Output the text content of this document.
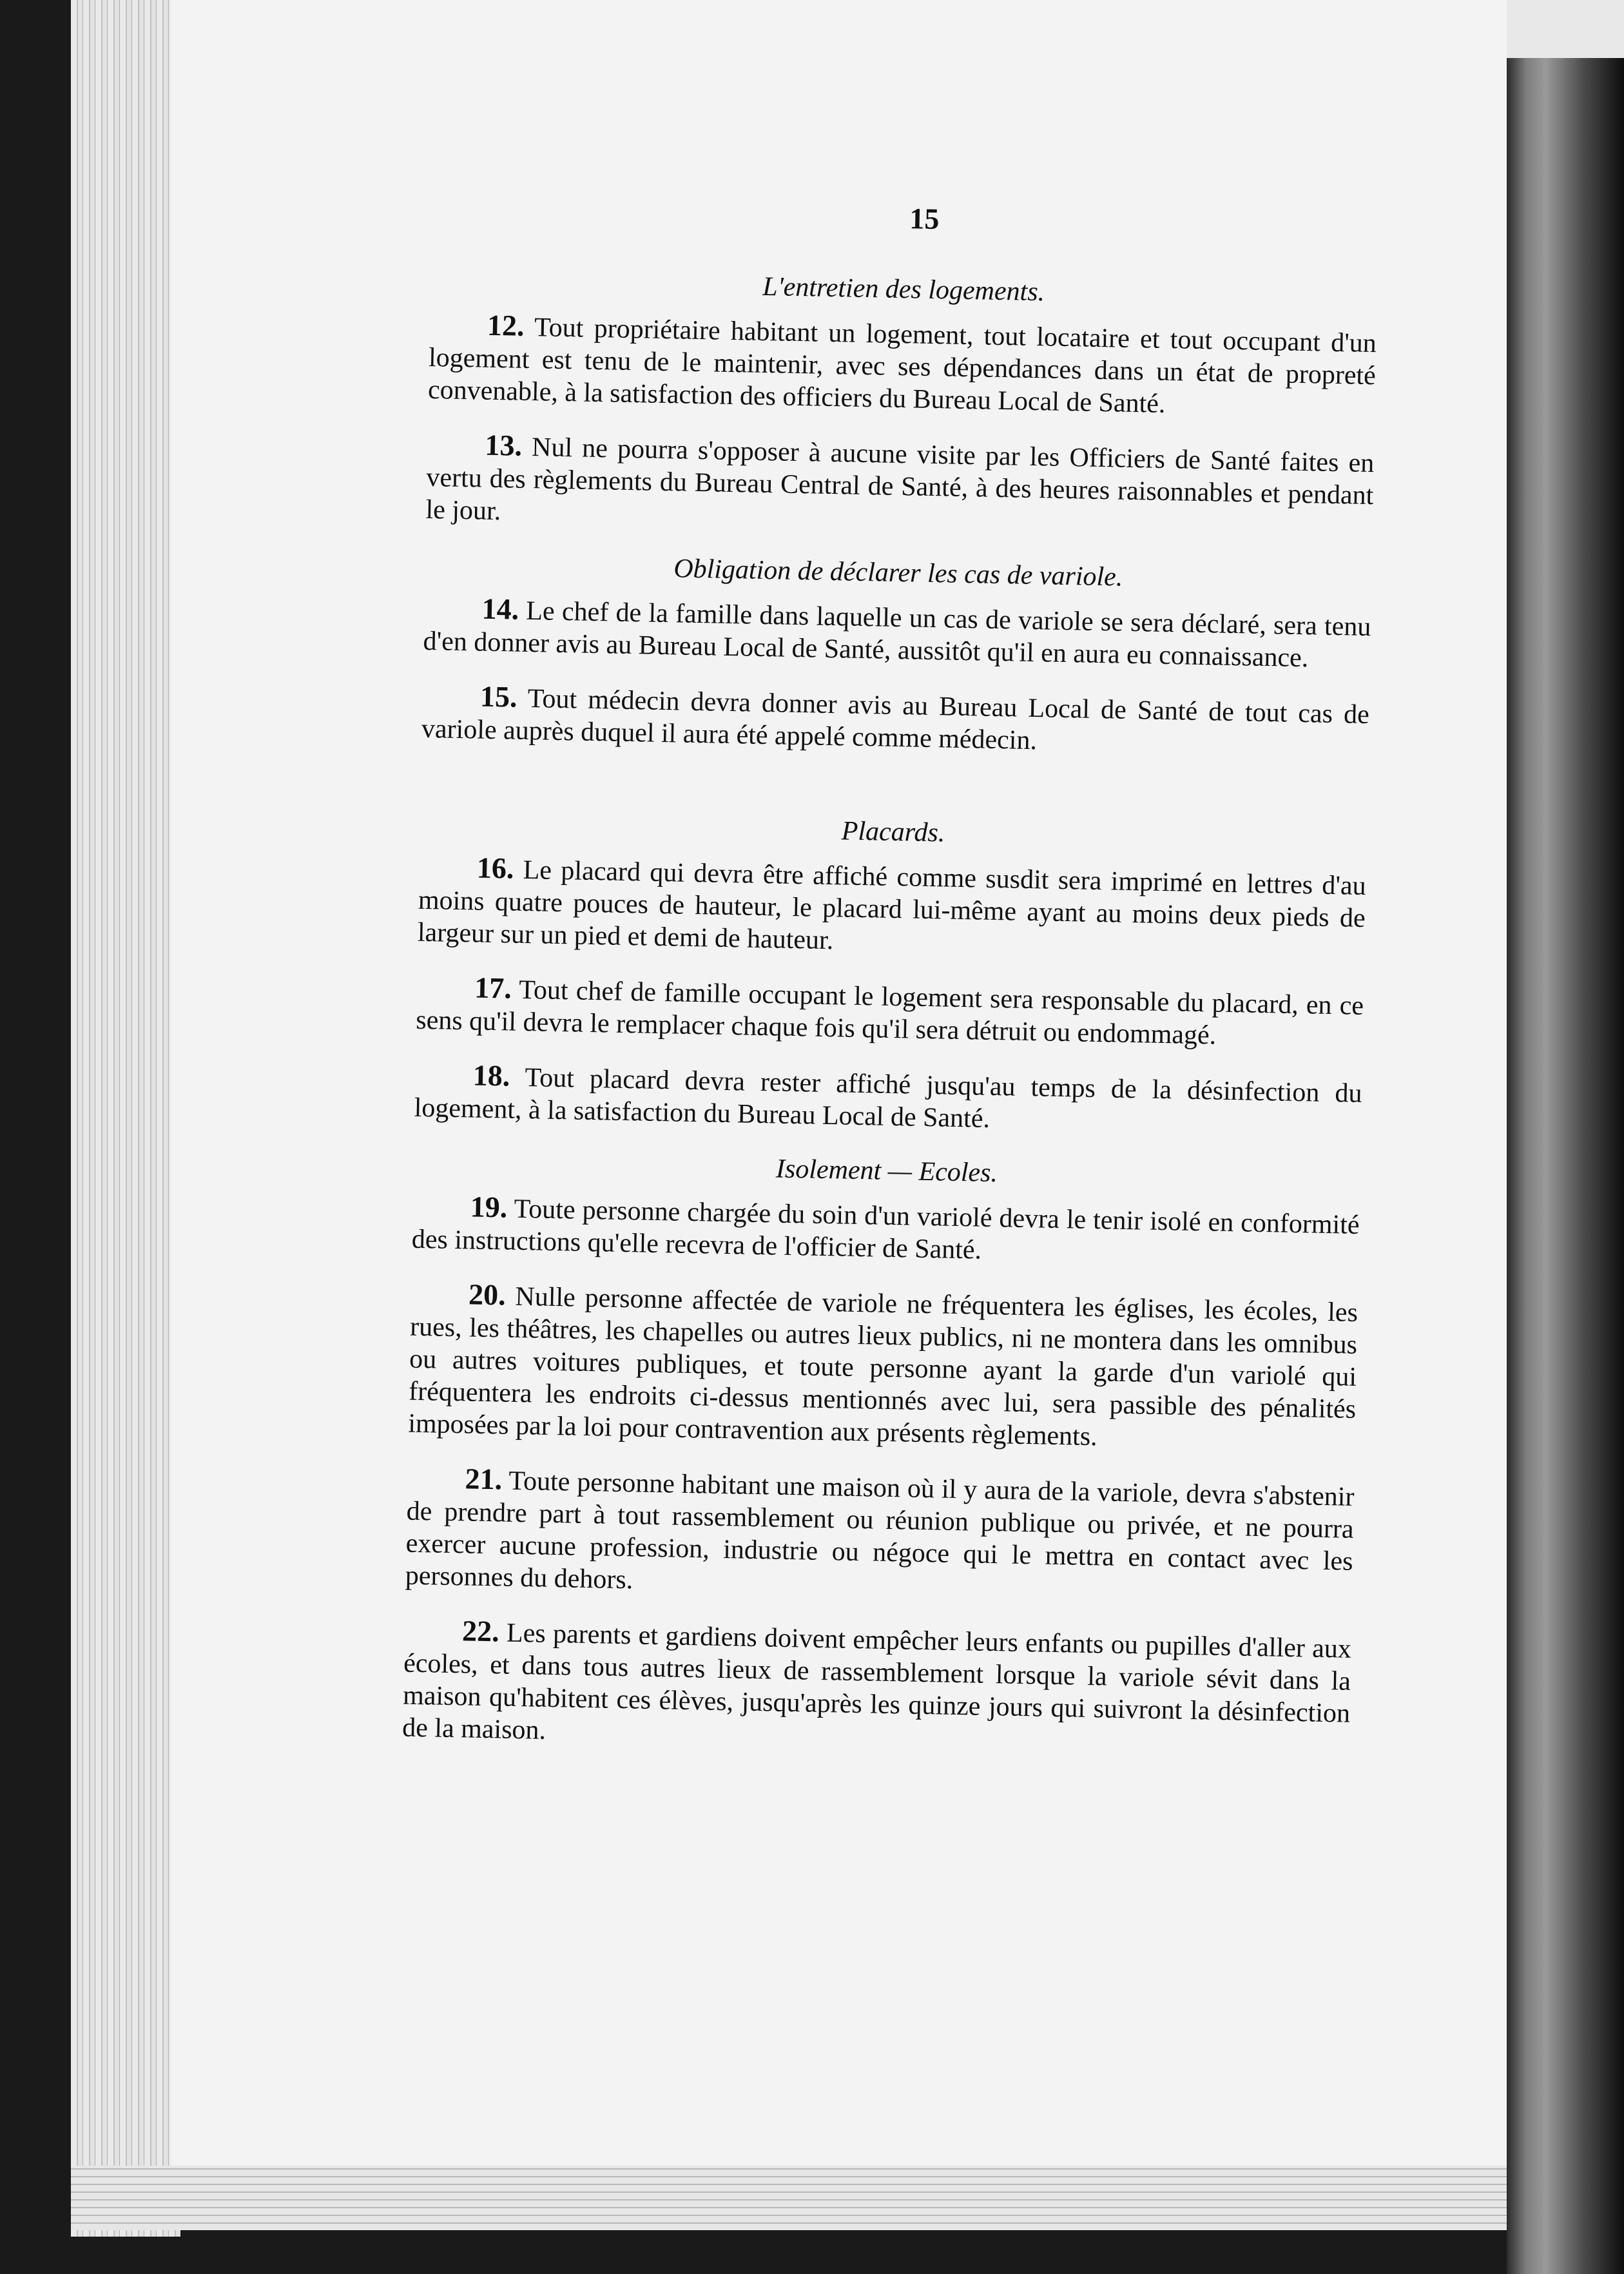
15
L'entretien des logements.

12. Tout propriétaire habitant un logement, tout locataire et tout occupant d'un logement est tenu de le maintenir, avec ses dépendances dans un état de propreté convenable, à la satisfaction des officiers du Bureau Local de Santé.

13. Nul ne pourra s'opposer à aucune visite par les Officiers de Santé faites en vertu des règlements du Bureau Central de Santé, à des heures raisonnables et pendant le jour.

Obligation de déclarer les cas de variole.

14. Le chef de la famille dans laquelle un cas de variole se sera déclaré, sera tenu d'en donner avis au Bureau Local de Santé, aussitôt qu'il en aura eu connaissance.

15. Tout médecin devra donner avis au Bureau Local de Santé de tout cas de variole auprès duquel il aura été appelé comme médecin.

Placards.

16. Le placard qui devra être affiché comme susdit sera imprimé en lettres d'au moins quatre pouces de hauteur, le placard lui-même ayant au moins deux pieds de largeur sur un pied et demi de hauteur.

17. Tout chef de famille occupant le logement sera responsable du placard, en ce sens qu'il devra le remplacer chaque fois qu'il sera détruit ou endommagé.

18. Tout placard devra rester affiché jusqu'au temps de la désinfection du logement, à la satisfaction du Bureau Local de Santé.

Isolement — Ecoles.

19. Toute personne chargée du soin d'un variolé devra le tenir isolé en conformité des instructions qu'elle recevra de l'officier de Santé.

20. Nulle personne affectée de variole ne fréquentera les églises, les écoles, les rues, les théâtres, les chapelles ou autres lieux publics, ni ne montera dans les omnibus ou autres voitures publiques, et toute personne ayant la garde d'un variolé qui fréquentera les endroits ci-dessus mentionnés avec lui, sera passible des pénalités imposées par la loi pour contravention aux présents règlements.

21. Toute personne habitant une maison où il y aura de la variole, devra s'abstenir de prendre part à tout rassemblement ou réunion publique ou privée, et ne pourra exercer aucune profession, industrie ou négoce qui le mettra en contact avec les personnes du dehors.

22. Les parents et gardiens doivent empêcher leurs enfants ou pupilles d'aller aux écoles, et dans tous autres lieux de rassemblement lorsque la variole sévit dans la maison qu'habitent ces élèves, jusqu'après les quinze jours qui suivront la désinfection de la maison.
